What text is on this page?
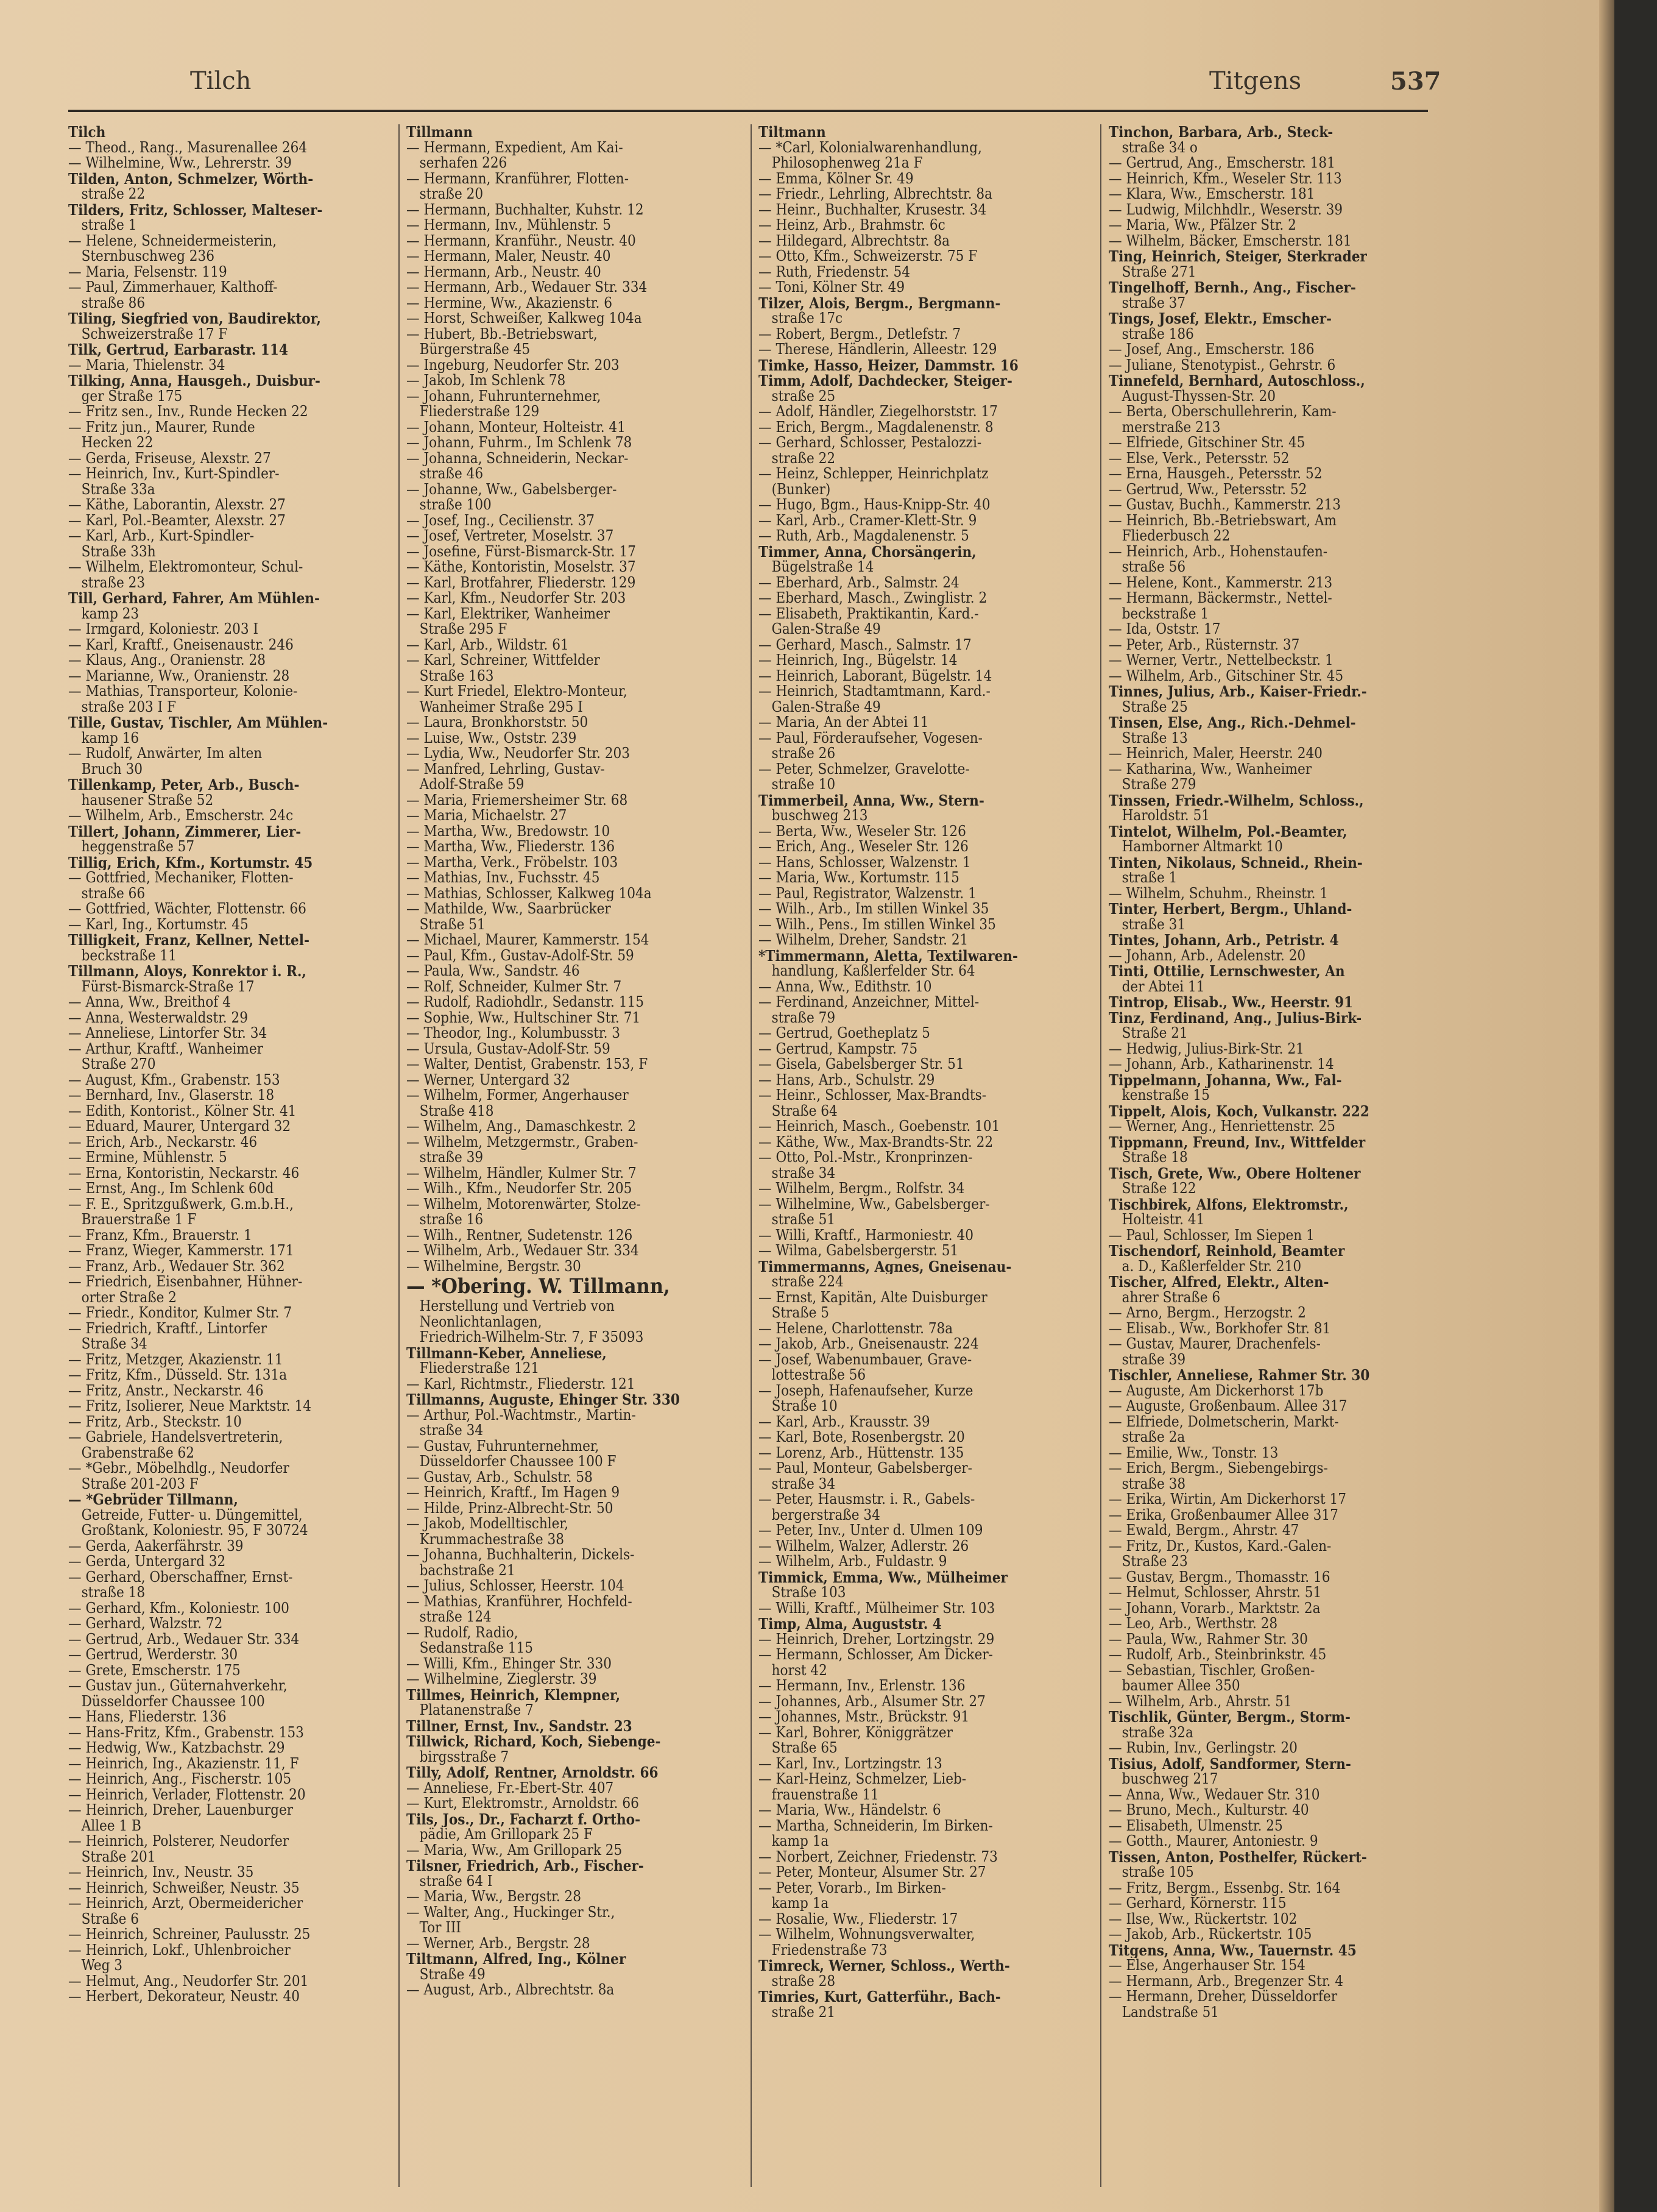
Tilch	Titgens	537

Tilch

— Theod., Rang., Masurenallee 264

— Wilhelmine, Ww., Lehrerstr. 39

Tilden, Anton, Schmelzer, Wörth-

 straße 22

Tilders, Fritz, Schlosser, Malteser-

 straße 1

— Helene, Schneidermeisterin,

 Sternbuschweg 236

— Maria, Felsenstr. 119

— Paul, Zimmerhauer, Kalthoff-

 straße 86

Tiling, Siegfried von, Baudirektor,

 Schweizerstraße 17 F

Tilk, Gertrud, Earbarastr. 114

— Maria, Thielenstr. 34

Tilking, Anna, Hausgeh., Duisbur-

 ger Straße 175

— Fritz sen., Inv., Runde Hecken 22

— Fritz jun., Maurer, Runde

 Hecken 22

— Gerda, Friseuse, Alexstr. 27

— Heinrich, Inv., Kurt-Spindler-

 Straße 33a

— Käthe, Laborantin, Alexstr. 27

— Karl, Pol.-Beamter, Alexstr. 27

— Karl, Arb., Kurt-Spindler-

 Straße 33h

— Wilhelm, Elektromonteur, Schul-

 straße 23

Till, Gerhard, Fahrer, Am Mühlen-

 kamp 23

— Irmgard, Koloniestr. 203 I

— Karl, Kraftf., Gneisenaustr. 246

— Klaus, Ang., Oranienstr. 28

— Marianne, Ww., Oranienstr. 28

— Mathias, Transporteur, Kolonie-

 straße 203 I F

Tille, Gustav, Tischler, Am Mühlen-

 kamp 16

— Rudolf, Anwärter, Im alten

 Bruch 30

Tillenkamp, Peter, Arb., Busch-

 hausener Straße 52

— Wilhelm, Arb., Emscherstr. 24c

Tillert, Johann, Zimmerer, Lier-

 heggenstraße 57

Tillig, Erich, Kfm., Kortumstr. 45

— Gottfried, Mechaniker, Flotten-

 straße 66

— Gottfried, Wächter, Flottenstr. 66

— Karl, Ing., Kortumstr. 45

Tilligkeit, Franz, Kellner, Nettel-

 beckstraße 11

Tillmann, Aloys, Konrektor i. R.,

 Fürst-Bismarck-Straße 17

— Anna, Ww., Breithof 4

— Anna, Westerwaldstr. 29

— Anneliese, Lintorfer Str. 34

— Arthur, Kraftf., Wanheimer

 Straße 270

— August, Kfm., Grabenstr. 153

— Bernhard, Inv., Glaserstr. 18

— Edith, Kontorist., Kölner Str. 41

— Eduard, Maurer, Untergard 32

— Erich, Arb., Neckarstr. 46

— Ermine, Mühlenstr. 5

— Erna, Kontoristin, Neckarstr. 46

— Ernst, Ang., Im Schlenk 60d

— F. E., Spritzgußwerk, G.m.b.H.,

 Brauerstraße 1 F

— Franz, Kfm., Brauerstr. 1

— Franz, Wieger, Kammerstr. 171

— Franz, Arb., Wedauer Str. 362

— Friedrich, Eisenbahner, Hühner-

 orter Straße 2

— Friedr., Konditor, Kulmer Str. 7

— Friedrich, Kraftf., Lintorfer

 Straße 34

— Fritz, Metzger, Akazienstr. 11

— Fritz, Kfm., Düsseld. Str. 131a

— Fritz, Anstr., Neckarstr. 46

— Fritz, Isolierer, Neue Marktstr. 14

— Fritz, Arb., Steckstr. 10

— Gabriele, Handelsvertreterin,

 Grabenstraße 62

— *Gebr., Möbelhdlg., Neudorfer

 Straße 201-203 F

— *Gebrüder Tillmann,

 Getreide, Futter- u. Düngemittel,

 Großtank, Koloniestr. 95, F 30724

— Gerda, Aakerfährstr. 39

— Gerda, Untergard 32

— Gerhard, Oberschaffner, Ernst-

 straße 18

— Gerhard, Kfm., Koloniestr. 100

— Gerhard, Walzstr. 72

— Gertrud, Arb., Wedauer Str. 334

— Gertrud, Werderstr. 30

— Grete, Emscherstr. 175

— Gustav jun., Güternahverkehr,

 Düsseldorfer Chaussee 100

— Hans, Fliederstr. 136

— Hans-Fritz, Kfm., Grabenstr. 153

— Hedwig, Ww., Katzbachstr. 29

— Heinrich, Ing., Akazienstr. 11, F

— Heinrich, Ang., Fischerstr. 105

— Heinrich, Verlader, Flottenstr. 20

— Heinrich, Dreher, Lauenburger

 Allee 1 B

— Heinrich, Polsterer, Neudorfer

 Straße 201

— Heinrich, Inv., Neustr. 35

— Heinrich, Schweißer, Neustr. 35

— Heinrich, Arzt, Obermeidericher

 Straße 6

— Heinrich, Schreiner, Paulusstr. 25

— Heinrich, Lokf., Uhlenbroicher

 Weg 3

— Helmut, Ang., Neudorfer Str. 201

— Herbert, Dekorateur, Neustr. 40

Tillmann

— Hermann, Expedient, Am Kai-

 serhafen 226

— Hermann, Kranführer, Flotten-

 straße 20

— Hermann, Buchhalter, Kuhstr. 12

— Hermann, Inv., Mühlenstr. 5

— Hermann, Kranführ., Neustr. 40

— Hermann, Maler, Neustr. 40

— Hermann, Arb., Neustr. 40

— Hermann, Arb., Wedauer Str. 334

— Hermine, Ww., Akazienstr. 6

— Horst, Schweißer, Kalkweg 104a

— Hubert, Bb.-Betriebswart,

 Bürgerstraße 45

— Ingeburg, Neudorfer Str. 203

— Jakob, Im Schlenk 78

— Johann, Fuhrunternehmer,

 Fliederstraße 129

— Johann, Monteur, Holteistr. 41

— Johann, Fuhrm., Im Schlenk 78

— Johanna, Schneiderin, Neckar-

 straße 46

— Johanne, Ww., Gabelsberger-

 straße 100

— Josef, Ing., Cecilienstr. 37

— Josef, Vertreter, Moselstr. 37

— Josefine, Fürst-Bismarck-Str. 17

— Käthe, Kontoristin, Moselstr. 37

— Karl, Brotfahrer, Fliederstr. 129

— Karl, Kfm., Neudorfer Str. 203

— Karl, Elektriker, Wanheimer

 Straße 295 F

— Karl, Arb., Wildstr. 61

— Karl, Schreiner, Wittfelder

 Straße 163

— Kurt Friedel, Elektro-Monteur,

 Wanheimer Straße 295 I

— Laura, Bronkhorststr. 50

— Luise, Ww., Oststr. 239

— Lydia, Ww., Neudorfer Str. 203

— Manfred, Lehrling, Gustav-

 Adolf-Straße 59

— Maria, Friemersheimer Str. 68

— Maria, Michaelstr. 27

— Martha, Ww., Bredowstr. 10

— Martha, Ww., Fliederstr. 136

— Martha, Verk., Fröbelstr. 103

— Mathias, Inv., Fuchsstr. 45

— Mathias, Schlosser, Kalkweg 104a

— Mathilde, Ww., Saarbrücker

 Straße 51

— Michael, Maurer, Kammerstr. 154

— Paul, Kfm., Gustav-Adolf-Str. 59

— Paula, Ww., Sandstr. 46

— Rolf, Schneider, Kulmer Str. 7

— Rudolf, Radiohdlr., Sedanstr. 115

— Sophie, Ww., Hultschiner Str. 71

— Theodor, Ing., Kolumbusstr. 3

— Ursula, Gustav-Adolf-Str. 59

— Walter, Dentist, Grabenstr. 153, F

— Werner, Untergard 32

— Wilhelm, Former, Angerhauser

 Straße 418

— Wilhelm, Ang., Damaschkestr. 2

— Wilhelm, Metzgermstr., Graben-

 straße 39

— Wilhelm, Händler, Kulmer Str. 7

— Wilh., Kfm., Neudorfer Str. 205

— Wilhelm, Motorenwärter, Stolze-

 straße 16

— Wilh., Rentner, Sudetenstr. 126

— Wilhelm, Arb., Wedauer Str. 334

— Wilhelmine, Bergstr. 30

— *Obering. W. Tillmann,

 Herstellung und Vertrieb von

 Neonlichtanlagen,

 Friedrich-Wilhelm-Str. 7, F 35093

Tillmann-Keber, Anneliese,

 Fliederstraße 121

— Karl, Richtmstr., Fliederstr. 121

Tillmanns, Auguste, Ehinger Str. 330

— Arthur, Pol.-Wachtmstr., Martin-

 straße 34

— Gustav, Fuhrunternehmer,

 Düsseldorfer Chaussee 100 F

— Gustav, Arb., Schulstr. 58

— Heinrich, Kraftf., Im Hagen 9

— Hilde, Prinz-Albrecht-Str. 50

— Jakob, Modelltischler,

 Krummachestraße 38

— Johanna, Buchhalterin, Dickels-

 bachstraße 21

— Julius, Schlosser, Heerstr. 104

— Mathias, Kranführer, Hochfeld-

 straße 124

— Rudolf, Radio,

 Sedanstraße 115

— Willi, Kfm., Ehinger Str. 330

— Wilhelmine, Zieglerstr. 39

Tillmes, Heinrich, Klempner,

 Platanenstraße 7

Tillner, Ernst, Inv., Sandstr. 23

Tillwick, Richard, Koch, Siebenge-

 birgsstraße 7

Tilly, Adolf, Rentner, Arnoldstr. 66

— Anneliese, Fr.-Ebert-Str. 407

— Kurt, Elektromstr., Arnoldstr. 66

Tils, Jos., Dr., Facharzt f. Ortho-

 pädie, Am Grillopark 25 F

— Maria, Ww., Am Grillopark 25

Tilsner, Friedrich, Arb., Fischer-

 straße 64 I

— Maria, Ww., Bergstr. 28

— Walter, Ang., Huckinger Str.,

 Tor III

— Werner, Arb., Bergstr. 28

Tiltmann, Alfred, Ing., Kölner

 Straße 49

— August, Arb., Albrechtstr. 8a

Tiltmann

— *Carl, Kolonialwarenhandlung,

 Philosophenweg 21a F

— Emma, Kölner Sr. 49

— Friedr., Lehrling, Albrechtstr. 8a

— Heinr., Buchhalter, Krusestr. 34

— Heinz, Arb., Brahmstr. 6c

— Hildegard, Albrechtstr. 8a

— Otto, Kfm., Schweizerstr. 75 F

— Ruth, Friedenstr. 54

— Toni, Kölner Str. 49

Tilzer, Alois, Bergm., Bergmann-

 straße 17c

— Robert, Bergm., Detlefstr. 7

— Therese, Händlerin, Alleestr. 129

Timke, Hasso, Heizer, Dammstr. 16

Timm, Adolf, Dachdecker, Steiger-

 straße 25

— Adolf, Händler, Ziegelhorststr. 17

— Erich, Bergm., Magdalenenstr. 8

— Gerhard, Schlosser, Pestalozzi-

 straße 22

— Heinz, Schlepper, Heinrichplatz

 (Bunker)

— Hugo, Bgm., Haus-Knipp-Str. 40

— Karl, Arb., Cramer-Klett-Str. 9

— Ruth, Arb., Magdalenenstr. 5

Timmer, Anna, Chorsängerin,

 Bügelstraße 14

— Eberhard, Arb., Salmstr. 24

— Eberhard, Masch., Zwinglistr. 2

— Elisabeth, Praktikantin, Kard.-

 Galen-Straße 49

— Gerhard, Masch., Salmstr. 17

— Heinrich, Ing., Bügelstr. 14

— Heinrich, Laborant, Bügelstr. 14

— Heinrich, Stadtamtmann, Kard.-

 Galen-Straße 49

— Maria, An der Abtei 11

— Paul, Förderaufseher, Vogesen-

 straße 26

— Peter, Schmelzer, Gravelotte-

 straße 10

Timmerbeil, Anna, Ww., Stern-

 buschweg 213

— Berta, Ww., Weseler Str. 126

— Erich, Ang., Weseler Str. 126

— Hans, Schlosser, Walzenstr. 1

— Maria, Ww., Kortumstr. 115

— Paul, Registrator, Walzenstr. 1

— Wilh., Arb., Im stillen Winkel 35

— Wilh., Pens., Im stillen Winkel 35

— Wilhelm, Dreher, Sandstr. 21

*Timmermann, Aletta, Textilwaren-

 handlung, Kaßlerfelder Str. 64

— Anna, Ww., Edithstr. 10

— Ferdinand, Anzeichner, Mittel-

 straße 79

— Gertrud, Goetheplatz 5

— Gertrud, Kampstr. 75

— Gisela, Gabelsberger Str. 51

— Hans, Arb., Schulstr. 29

— Heinr., Schlosser, Max-Brandts-

 Straße 64

— Heinrich, Masch., Goebenstr. 101

— Käthe, Ww., Max-Brandts-Str. 22

— Otto, Pol.-Mstr., Kronprinzen-

 straße 34

— Wilhelm, Bergm., Rolfstr. 34

— Wilhelmine, Ww., Gabelsberger-

 straße 51

— Willi, Kraftf., Harmoniestr. 40

— Wilma, Gabelsbergerstr. 51

Timmermanns, Agnes, Gneisenau-

 straße 224

— Ernst, Kapitän, Alte Duisburger

 Straße 5

— Helene, Charlottenstr. 78a

— Jakob, Arb., Gneisenaustr. 224

— Josef, Wabenumbauer, Grave-

 lottestraße 56

— Joseph, Hafenaufseher, Kurze

 Straße 10

— Karl, Arb., Krausstr. 39

— Karl, Bote, Rosenbergstr. 20

— Lorenz, Arb., Hüttenstr. 135

— Paul, Monteur, Gabelsberger-

 straße 34

— Peter, Hausmstr. i. R., Gabels-

 bergerstraße 34

— Peter, Inv., Unter d. Ulmen 109

— Wilhelm, Walzer, Adlerstr. 26

— Wilhelm, Arb., Fuldastr. 9

Timmick, Emma, Ww., Mülheimer

 Straße 103

— Willi, Kraftf., Mülheimer Str. 103

Timp, Alma, Auguststr. 4

— Heinrich, Dreher, Lortzingstr. 29

— Hermann, Schlosser, Am Dicker-

 horst 42

— Hermann, Inv., Erlenstr. 136

— Johannes, Arb., Alsumer Str. 27

— Johannes, Mstr., Brückstr. 91

— Karl, Bohrer, Königgrätzer

 Straße 65

— Karl, Inv., Lortzingstr. 13

— Karl-Heinz, Schmelzer, Lieb-

 frauenstraße 11

— Maria, Ww., Händelstr. 6

— Martha, Schneiderin, Im Birken-

 kamp 1a

— Norbert, Zeichner, Friedenstr. 73

— Peter, Monteur, Alsumer Str. 27

— Peter, Vorarb., Im Birken-

 kamp 1a

— Rosalie, Ww., Fliederstr. 17

— Wilhelm, Wohnungsverwalter,

 Friedenstraße 73

Timreck, Werner, Schloss., Werth-

 straße 28

Timries, Kurt, Gatterführ., Bach-

 straße 21

Tinchon, Barbara, Arb., Steck-

 straße 34 o

— Gertrud, Ang., Emscherstr. 181

— Heinrich, Kfm., Weseler Str. 113

— Klara, Ww., Emscherstr. 181

— Ludwig, Milchhdlr., Weserstr. 39

— Maria, Ww., Pfälzer Str. 2

— Wilhelm, Bäcker, Emscherstr. 181

Ting, Heinrich, Steiger, Sterkrader

 Straße 271

Tingelhoff, Bernh., Ang., Fischer-

 straße 37

Tings, Josef, Elektr., Emscher-

 straße 186

— Josef, Ang., Emscherstr. 186

— Juliane, Stenotypist., Gehrstr. 6

Tinnefeld, Bernhard, Autoschloss.,

 August-Thyssen-Str. 20

— Berta, Oberschullehrerin, Kam-

 merstraße 213

— Elfriede, Gitschiner Str. 45

— Else, Verk., Petersstr. 52

— Erna, Hausgeh., Petersstr. 52

— Gertrud, Ww., Petersstr. 52

— Gustav, Buchh., Kammerstr. 213

— Heinrich, Bb.-Betriebswart, Am

 Fliederbusch 22

— Heinrich, Arb., Hohenstaufen-

 straße 56

— Helene, Kont., Kammerstr. 213

— Hermann, Bäckermstr., Nettel-

 beckstraße 1

— Ida, Oststr. 17

— Peter, Arb., Rüsternstr. 37

— Werner, Vertr., Nettelbeckstr. 1

— Wilhelm, Arb., Gitschiner Str. 45

Tinnes, Julius, Arb., Kaiser-Friedr.-

 Straße 25

Tinsen, Else, Ang., Rich.-Dehmel-

 Straße 13

— Heinrich, Maler, Heerstr. 240

— Katharina, Ww., Wanheimer

 Straße 279

Tinssen, Friedr.-Wilhelm, Schloss.,

 Haroldstr. 51

Tintelot, Wilhelm, Pol.-Beamter,

 Hamborner Altmarkt 10

Tinten, Nikolaus, Schneid., Rhein-

 straße 1

— Wilhelm, Schuhm., Rheinstr. 1

Tinter, Herbert, Bergm., Uhland-

 straße 31

Tintes, Johann, Arb., Petristr. 4

— Johann, Arb., Adelenstr. 20

Tinti, Ottilie, Lernschwester, An

 der Abtei 11

Tintrop, Elisab., Ww., Heerstr. 91

Tinz, Ferdinand, Ang., Julius-Birk-

 Straße 21

— Hedwig, Julius-Birk-Str. 21

— Johann, Arb., Katharinenstr. 14

Tippelmann, Johanna, Ww., Fal-

 kenstraße 15

Tippelt, Alois, Koch, Vulkanstr. 222

— Werner, Ang., Henriettenstr. 25

Tippmann, Freund, Inv., Wittfelder

 Straße 18

Tisch, Grete, Ww., Obere Holtener

 Straße 122

Tischbirek, Alfons, Elektromstr.,

 Holteistr. 41

— Paul, Schlosser, Im Siepen 1

Tischendorf, Reinhold, Beamter

 a. D., Kaßlerfelder Str. 210

Tischer, Alfred, Elektr., Alten-

 ahrer Straße 6

— Arno, Bergm., Herzogstr. 2

— Elisab., Ww., Borkhofer Str. 81

— Gustav, Maurer, Drachenfels-

 straße 39

Tischler, Anneliese, Rahmer Str. 30

— Auguste, Am Dickerhorst 17b

— Auguste, Großenbaum. Allee 317

— Elfriede, Dolmetscherin, Markt-

 straße 2a

— Emilie, Ww., Tonstr. 13

— Erich, Bergm., Siebengebirgs-

 straße 38

— Erika, Wirtin, Am Dickerhorst 17

— Erika, Großenbaumer Allee 317

— Ewald, Bergm., Ahrstr. 47

— Fritz, Dr., Kustos, Kard.-Galen-

 Straße 23

— Gustav, Bergm., Thomasstr. 16

— Helmut, Schlosser, Ahrstr. 51

— Johann, Vorarb., Marktstr. 2a

— Leo, Arb., Werthstr. 28

— Paula, Ww., Rahmer Str. 30

— Rudolf, Arb., Steinbrinkstr. 45

— Sebastian, Tischler, Großen-

 baumer Allee 350

— Wilhelm, Arb., Ahrstr. 51

Tischlik, Günter, Bergm., Storm-

 straße 32a

— Rubin, Inv., Gerlingstr. 20

Tisius, Adolf, Sandformer, Stern-

 buschweg 217

— Anna, Ww., Wedauer Str. 310

— Bruno, Mech., Kulturstr. 40

— Elisabeth, Ulmenstr. 25

— Gotth., Maurer, Antoniestr. 9

Tissen, Anton, Posthelfer, Rückert-

 straße 105

— Fritz, Bergm., Essenbg. Str. 164

— Gerhard, Körnerstr. 115

— Ilse, Ww., Rückertstr. 102

— Jakob, Arb., Rückertstr. 105

Titgens, Anna, Ww., Tauernstr. 45

— Else, Angerhauser Str. 154

— Hermann, Arb., Bregenzer Str. 4

— Hermann, Dreher, Düsseldorfer

 Landstraße 51
